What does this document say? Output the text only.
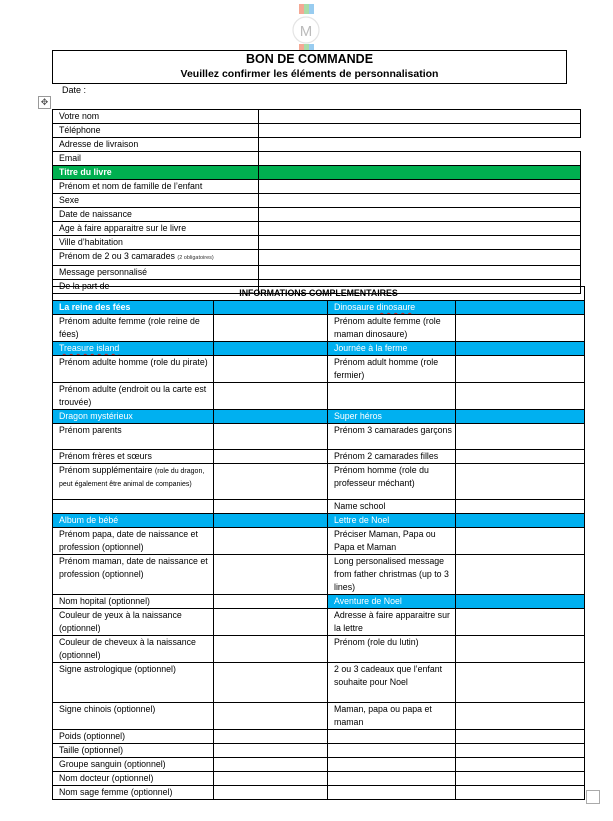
M
BON DE COMMANDE
Veuillez confirmer les éléments de personnalisation
Date :
✥
Votre nom	
Téléphone	
Adresse de livraison	
Email	
Titre du livre	
Prénom et nom de famille de l’enfant	
Sexe	
Date de naissance	
Age à faire apparaitre sur le livre	
Ville d’habitation	
Prénom de 2 ou 3 camarades (2 obligatoires)	
Message personnalisé	
De la part de	
INFORMATIONS COMPLEMENTAIRES			
La reine des fées		Dinosaure dinosaure	
Prénom adulte femme (role reine de fées)		Prénom adulte femme (role maman dinosaure)	
Treasure island		Journée à la ferme	
Prénom adulte homme (role du pirate)		Prénom adult homme (role fermier)	
Prénom adulte (endroit ou la carte est trouvée)			
Dragon mystérieux		Super héros	
Prénom parents		Prénom 3 camarades garçons	
Prénom frères et sœurs		Prénom 2 camarades filles	
Prénom supplémentaire (role du dragon, peut également être animal de companies)		Prénom homme (role du professeur méchant)	
		Name school	
Album de bébé		Lettre de Noel	
Prénom papa, date de naissance et profession (optionnel)		Préciser Maman, Papa ou Papa et Maman	
Prénom maman, date de naissance et profession (optionnel)		Long personalised message from father christmas (up to 3 lines)	
Nom hopital (optionnel)		Aventure de Noel	
Couleur de yeux à la naissance (optionnel)		Adresse à faire apparaitre sur la lettre	
Couleur de cheveux à la naissance (optionnel)		Prénom (role du lutin)	
Signe astrologique (optionnel)		2 ou 3 cadeaux que l’enfant souhaite pour Noel	
Signe chinois (optionnel)		Maman, papa ou papa et maman	
Poids (optionnel)			
Taille (optionnel)			
Groupe sanguin (optionnel)			
Nom docteur (optionnel)			
Nom sage femme (optionnel)			
